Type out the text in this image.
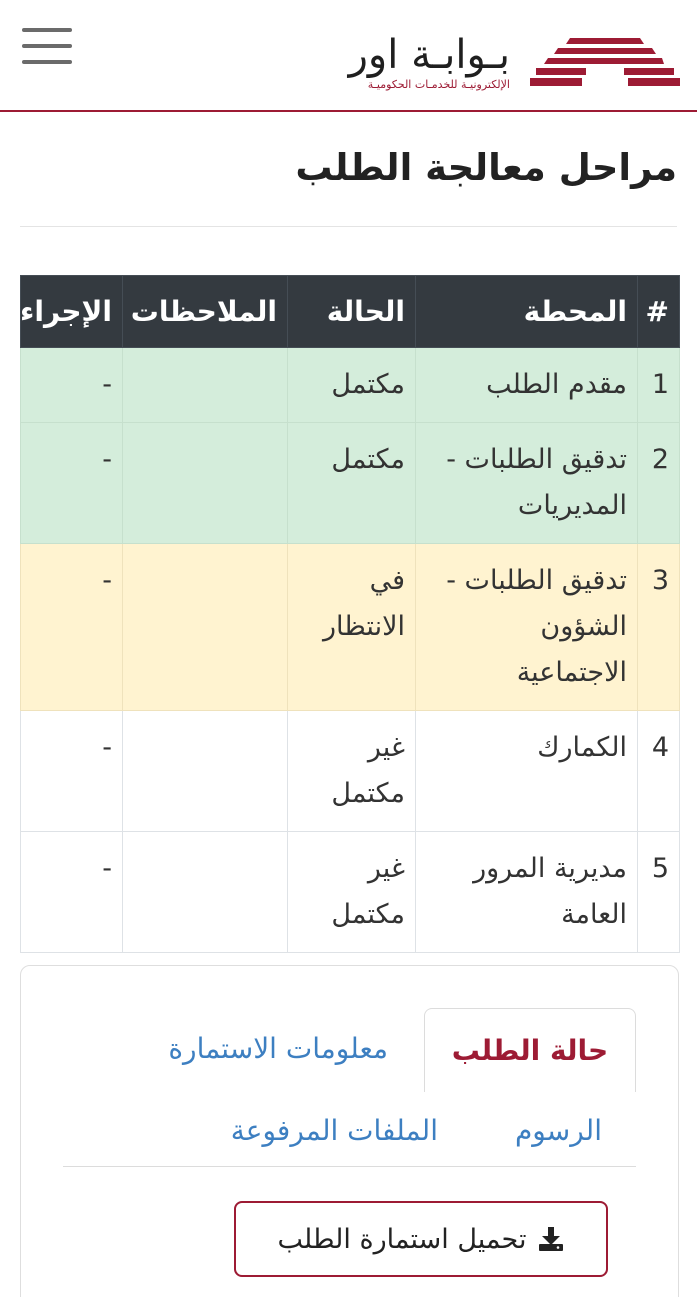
بـوابـة اور
الإلكترونيـة للخدمـات الحكوميـة
مراحل معالجة الطلب
#	المحطة	الحالة	الملاحظات	الإجراء
1	مقدم الطلب	مكتمل		-
2	تدقيق الطلبات - المديريات	مكتمل		-
3	تدقيق الطلبات - الشؤون الاجتماعية	في الانتظار		-
4	الكمارك	غير مكتمل		-
5	مديرية المرور العامة	غير مكتمل		-
حالة الطلب
معلومات الاستمارة
الرسوم
الملفات المرفوعة
تحميل استمارة الطلب
